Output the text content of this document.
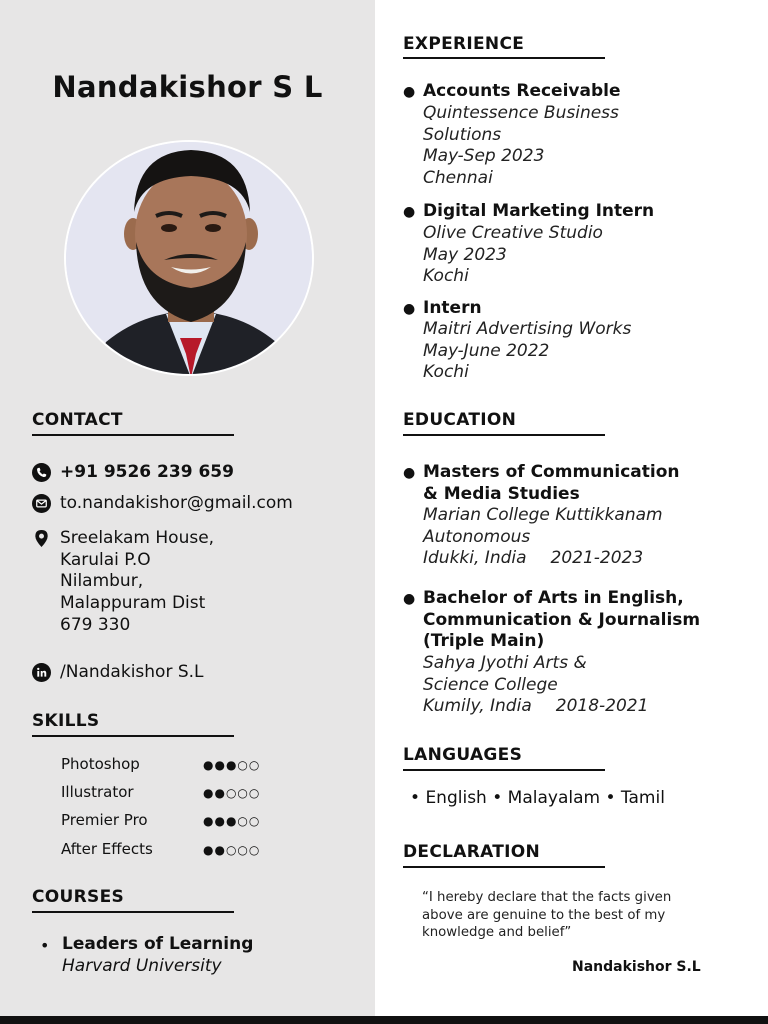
Nandakishor S L
CONTACT
+91 9526 239 659
to.nandakishor@gmail.com
Sreelakam House,
Karulai P.O
Nilambur,
Malappuram Dist
679 330
/Nandakishor S.L
SKILLS
Photoshop	●●●○○
Illustrator	●●○○○
Premier Pro	●●●○○
After Effects	●●○○○
COURSES
• Leaders of Learning
Harvard University
EXPERIENCE
● Accounts Receivable
Quintessence Business
Solutions
May-Sep 2023
Chennai
● Digital Marketing Intern
Olive Creative Studio
May 2023
Kochi
● Intern
Maitri Advertising Works
May-June 2022
Kochi
EDUCATION
● Masters of Communication
& Media Studies
Marian College Kuttikkanam
Autonomous
Idukki, India 2021-2023
● Bachelor of Arts in English,
Communication & Journalism
(Triple Main)
Sahya Jyothi Arts &
Science College
Kumily, India 2018-2021
LANGUAGES
• English • Malayalam • Tamil
DECLARATION
“I hereby declare that the facts given
above are genuine to the best of my
knowledge and belief”
Nandakishor S.L
